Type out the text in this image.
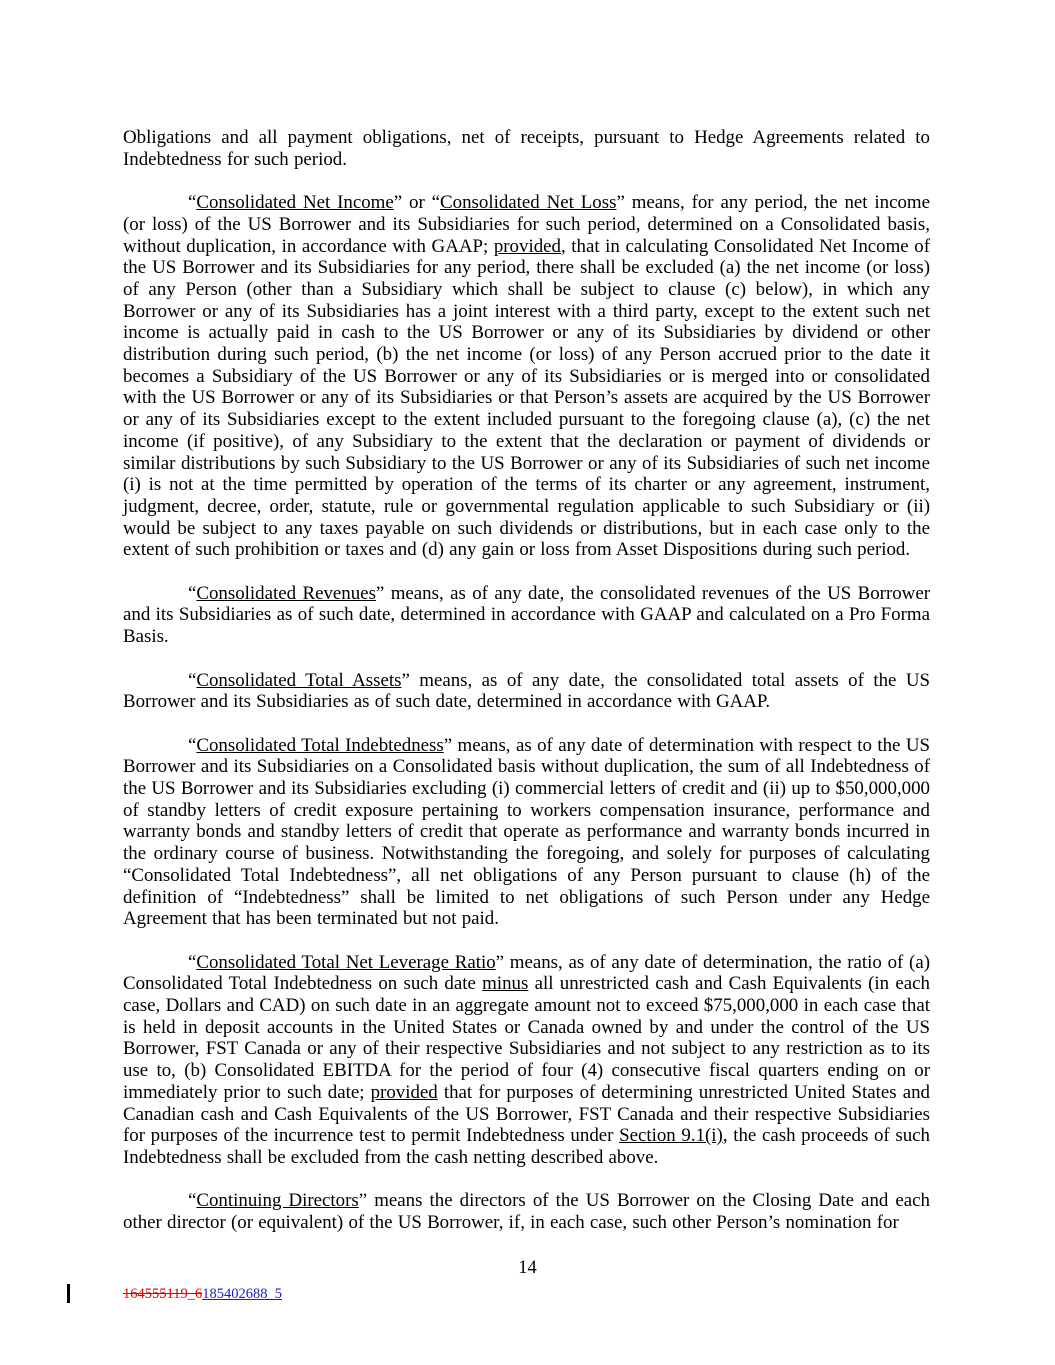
Obligations and all payment obligations, net of receipts, pursuant to Hedge Agreements related to Indebtedness for such period.

“Consolidated Net Income” or “Consolidated Net Loss” means, for any period, the net income (or loss) of the US Borrower and its Subsidiaries for such period, determined on a Consolidated basis, without duplication, in accordance with GAAP; provided, that in calculating Consolidated Net Income of the US Borrower and its Subsidiaries for any period, there shall be excluded (a) the net income (or loss) of any Person (other than a Subsidiary which shall be subject to clause (c) below), in which any Borrower or any of its Subsidiaries has a joint interest with a third party, except to the extent such net income is actually paid in cash to the US Borrower or any of its Subsidiaries by dividend or other distribution during such period, (b) the net income (or loss) of any Person accrued prior to the date it becomes a Subsidiary of the US Borrower or any of its Subsidiaries or is merged into or consolidated with the US Borrower or any of its Subsidiaries or that Person’s assets are acquired by the US Borrower or any of its Subsidiaries except to the extent included pursuant to the foregoing clause (a), (c) the net income (if positive), of any Subsidiary to the extent that the declaration or payment of dividends or similar distributions by such Subsidiary to the US Borrower or any of its Subsidiaries of such net income (i) is not at the time permitted by operation of the terms of its charter or any agreement, instrument, judgment, decree, order, statute, rule or governmental regulation applicable to such Subsidiary or (ii) would be subject to any taxes payable on such dividends or distributions, but in each case only to the extent of such prohibition or taxes and (d) any gain or loss from Asset Dispositions during such period.

“Consolidated Revenues” means, as of any date, the consolidated revenues of the US Borrower and its Subsidiaries as of such date, determined in accordance with GAAP and calculated on a Pro Forma Basis.

“Consolidated Total Assets” means, as of any date, the consolidated total assets of the US Borrower and its Subsidiaries as of such date, determined in accordance with GAAP.

“Consolidated Total Indebtedness” means, as of any date of determination with respect to the US Borrower and its Subsidiaries on a Consolidated basis without duplication, the sum of all Indebtedness of the US Borrower and its Subsidiaries excluding (i) commercial letters of credit and (ii) up to $50,000,000 of standby letters of credit exposure pertaining to workers compensation insurance, performance and warranty bonds and standby letters of credit that operate as performance and warranty bonds incurred in the ordinary course of business. Notwithstanding the foregoing, and solely for purposes of calculating “Consolidated Total Indebtedness”, all net obligations of any Person pursuant to clause (h) of the definition of “Indebtedness” shall be limited to net obligations of such Person under any Hedge Agreement that has been terminated but not paid.

“Consolidated Total Net Leverage Ratio” means, as of any date of determination, the ratio of (a) Consolidated Total Indebtedness on such date minus all unrestricted cash and Cash Equivalents (in each case, Dollars and CAD) on such date in an aggregate amount not to exceed $75,000,000 in each case that is held in deposit accounts in the United States or Canada owned by and under the control of the US Borrower, FST Canada or any of their respective Subsidiaries and not subject to any restriction as to its use to, (b) Consolidated EBITDA for the period of four (4) consecutive fiscal quarters ending on or immediately prior to such date; provided that for purposes of determining unrestricted United States and Canadian cash and Cash Equivalents of the US Borrower, FST Canada and their respective Subsidiaries for purposes of the incurrence test to permit Indebtedness under Section 9.1(i), the cash proceeds of such Indebtedness shall be excluded from the cash netting described above.

“Continuing Directors” means the directors of the US Borrower on the Closing Date and each other director (or equivalent) of the US Borrower, if, in each case, such other Person’s nomination for

14
164555119_6185402688_5
